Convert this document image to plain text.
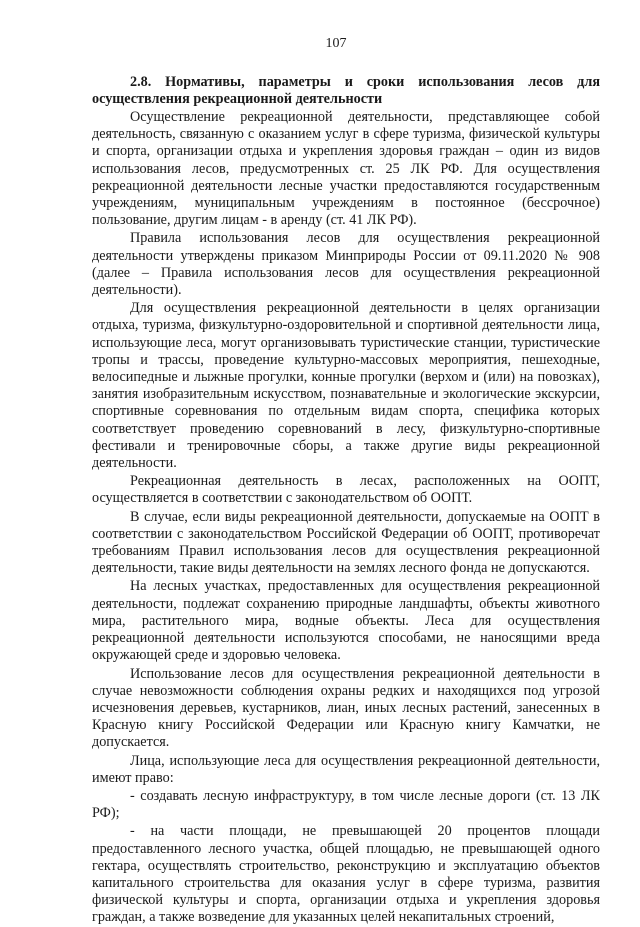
107

2.8. Нормативы, параметры и сроки использования лесов для осуществления рекреационной деятельности

Осуществление рекреационной деятельности, представляющее собой деятельность, связанную с оказанием услуг в сфере туризма, физической культуры и спорта, организации отдыха и укрепления здоровья граждан – один из видов использования лесов, предусмотренных ст. 25 ЛК РФ. Для осуществления рекреационной деятельности лесные участки предоставляются государственным учреждениям, муниципальным учреждениям в постоянное (бессрочное) пользование, другим лицам - в аренду (ст. 41 ЛК РФ).

Правила использования лесов для осуществления рекреационной деятельности утверждены приказом Минприроды России от 09.11.2020 № 908 (далее – Правила использования лесов для осуществления рекреационной деятельности).

Для осуществления рекреационной деятельности в целях организации отдыха, туризма, физкультурно-оздоровительной и спортивной деятельности лица, использующие леса, могут организовывать туристические станции, туристические тропы и трассы, проведение культурно-массовых мероприятия, пешеходные, велосипедные и лыжные прогулки, конные прогулки (верхом и (или) на повозках), занятия изобразительным искусством, познавательные и экологические экскурсии, спортивные соревнования по отдельным видам спорта, специфика которых соответствует проведению соревнований в лесу, физкультурно-спортивные фестивали и тренировочные сборы, а также другие виды рекреационной деятельности.

Рекреационная деятельность в лесах, расположенных на ООПТ, осуществляется в соответствии с законодательством об ООПТ.

В случае, если виды рекреационной деятельности, допускаемые на ООПТ в соответствии с законодательством Российской Федерации об ООПТ, противоречат требованиям Правил использования лесов для осуществления рекреационной деятельности, такие виды деятельности на землях лесного фонда не допускаются.

На лесных участках, предоставленных для осуществления рекреационной деятельности, подлежат сохранению природные ландшафты, объекты животного мира, растительного мира, водные объекты. Леса для осуществления рекреационной деятельности используются способами, не наносящими вреда окружающей среде и здоровью человека.

Использование лесов для осуществления рекреационной деятельности в случае невозможности соблюдения охраны редких и находящихся под угрозой исчезновения деревьев, кустарников, лиан, иных лесных растений, занесенных в Красную книгу Российской Федерации или Красную книгу Камчатки, не допускается.

Лица, использующие леса для осуществления рекреационной деятельности, имеют право:

- создавать лесную инфраструктуру, в том числе лесные дороги (ст. 13 ЛК РФ);

- на части площади, не превышающей 20 процентов площади предоставленного лесного участка, общей площадью, не превышающей одного гектара, осуществлять строительство, реконструкцию и эксплуатацию объектов капитального строительства для оказания услуг в сфере туризма, развития физической культуры и спорта, организации отдыха и укрепления здоровья граждан, а также возведение для указанных целей некапитальных строений,
